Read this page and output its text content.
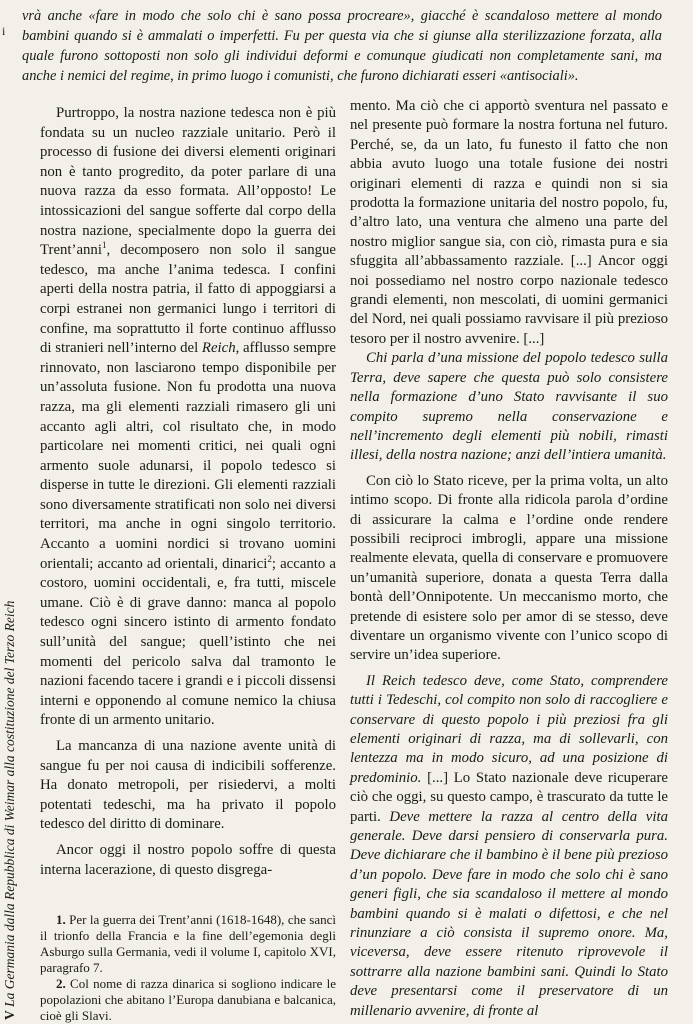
i
vrà anche «fare in modo che solo chi è sano possa procreare», giacché è scandaloso mettere al mondo bambini quando si è ammalati o imperfetti. Fu per questa via che si giunse alla sterilizzazione forzata, alla quale furono sottoposti non solo gli individui deformi e comunque giudicati non completamente sani, ma anche i nemici del regime, in primo luogo i comunisti, che furono dichiarati esseri «antisociali».

Purtroppo, la nostra nazione tedesca non è più fondata su un nucleo razziale unitario. Però il processo di fusione dei diversi elementi originari non è tanto progredito, da poter parlare di una nuova razza da esso formata. All’opposto! Le intossicazioni del sangue sofferte dal corpo della nostra nazione, specialmente dopo la guerra dei Trent’anni$^1$, decomposero non solo il sangue tedesco, ma anche l’anima tedesca. I confini aperti della nostra patria, il fatto di appoggiarsi a corpi estranei non germanici lungo i territori di confine, ma soprattutto il forte continuo afflusso di stranieri nell’interno del Reich, afflusso sempre rinnovato, non lasciarono tempo disponibile per un’assoluta fusione. Non fu prodotta una nuova razza, ma gli elementi razziali rimasero gli uni accanto agli altri, col risultato che, in modo particolare nei momenti critici, nei quali ogni armento suole adunarsi, il popolo tedesco si disperse in tutte le direzioni. Gli elementi razziali sono diversamente stratificati non solo nei diversi territori, ma anche in ogni singolo territorio. Accanto a uomini nordici si trovano uomini orientali; accanto ad orientali, dinarici$^2$; accanto a costoro, uomini occidentali, e, fra tutti, miscele umane. Ciò è di grave danno: manca al popolo tedesco ogni sincero istinto di armento fondato sull’unità del sangue; quell’istinto che nei momenti del pericolo salva dal tramonto le nazioni facendo tacere i grandi e i piccoli dissensi interni e opponendo al comune nemico la chiusa fronte di un armento unitario.

La mancanza di una nazione avente unità di sangue fu per noi causa di indicibili sofferenze. Ha donato metropoli, per risiedervi, a molti potentati tedeschi, ma ha privato il popolo tedesco del diritto di dominare.

Ancor oggi il nostro popolo soffre di questa interna lacerazione, di questo disgrega-

1. Per la guerra dei Trent’anni (1618-1648), che sancì il trionfo della Francia e la fine dell’egemonia degli Asburgo sulla Germania, vedi il volume I, capitolo XVI, paragrafo 7.

2. Col nome di razza dinarica si sogliono indicare le popolazioni che abitano l’Europa danubiana e balcanica, cioè gli Slavi.

mento. Ma ciò che ci apportò sventura nel passato e nel presente può formare la nostra fortuna nel futuro. Perché, se, da un lato, fu funesto il fatto che non abbia avuto luogo una totale fusione dei nostri originari elementi di razza e quindi non si sia prodotta la formazione unitaria del nostro popolo, fu, d’altro lato, una ventura che almeno una parte del nostro miglior sangue sia, con ciò, rimasta pura e sia sfuggita all’abbassamento razziale. [...] Ancor oggi noi possediamo nel nostro corpo nazionale tedesco grandi elementi, non mescolati, di uomini germanici del Nord, nei quali possiamo ravvisare il più prezioso tesoro per il nostro avvenire. [...]

Chi parla d’una missione del popolo tedesco sulla Terra, deve sapere che questa può solo consistere nella formazione d’uno Stato ravvisante il suo compito supremo nella conservazione e nell’incremento degli elementi più nobili, rimasti illesi, della nostra nazione; anzi dell’intiera umanità.

Con ciò lo Stato riceve, per la prima volta, un alto intimo scopo. Di fronte alla ridicola parola d’ordine di assicurare la calma e l’ordine onde rendere possibili reciproci imbrogli, appare una missione realmente elevata, quella di conservare e promuovere un’umanità superiore, donata a questa Terra dalla bontà dell’Onnipotente. Un meccanismo morto, che pretende di esistere solo per amor di se stesso, deve diventare un organismo vivente con l’unico scopo di servire un’idea superiore.

Il Reich tedesco deve, come Stato, comprendere tutti i Tedeschi, col compito non solo di raccogliere e conservare di questo popolo i più preziosi fra gli elementi originari di razza, ma di sollevarli, con lentezza ma in modo sicuro, ad una posizione di predominio. [...] Lo Stato nazionale deve ricuperare ciò che oggi, su questo campo, è trascurato da tutte le parti. Deve mettere la razza al centro della vita generale. Deve darsi pensiero di conservarla pura. Deve dichiarare che il bambino è il bene più prezioso d’un popolo. Deve fare in modo che solo chi è sano generi figli, che sia scandaloso il mettere al mondo bambini quando si è malati o difettosi, e che nel rinunziare a ciò consista il supremo onore. Ma, viceversa, deve essere ritenuto riprovevole il sottrarre alla nazione bambini sani. Quindi lo Stato deve presentarsi come il preservatore di un millenario avvenire, di fronte al

V La Germania dalla Repubblica di Weimar alla costituzione del Terzo Reich
